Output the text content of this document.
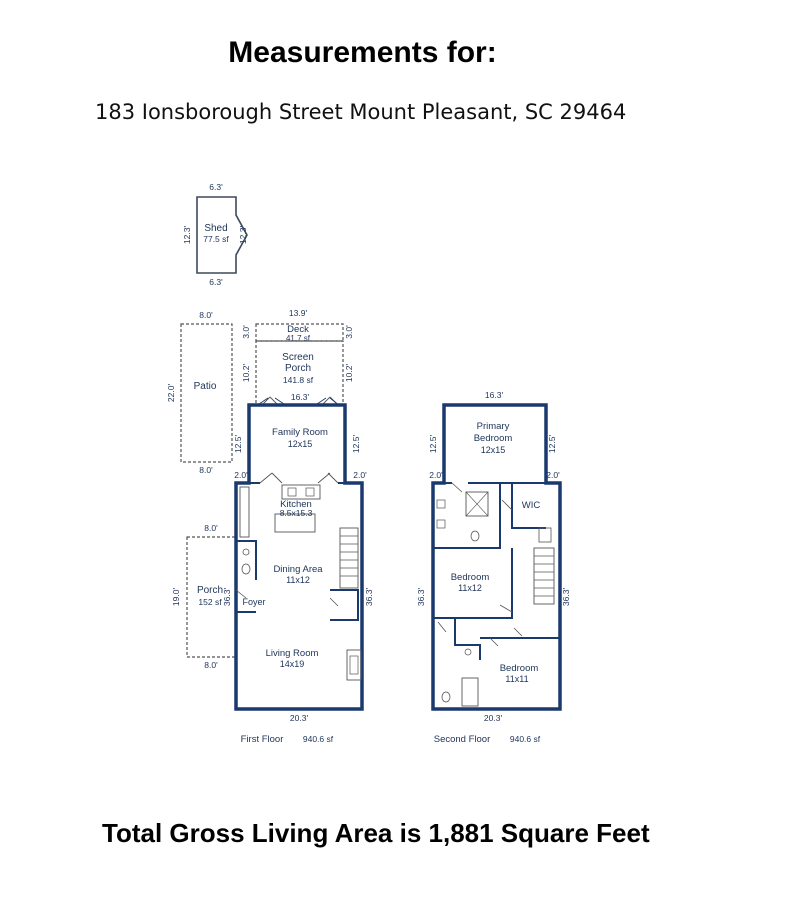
Measurements for:
183 Ionsborough Street Mount Pleasant, SC 29464
Shed
77.5 sf
6.3'
6.3'
12.3'	12.3'
Patio
8.0'
8.0'
22.0'
Deck
41.7 sf
13.9'
3.0'	3.0'
Screen
Porch
141.8 sf
16.3'
10.2'	10.2'
Porch
152 sf
8.0'
8.0'
19.0'	36.3'
Family Room
12x15
Kitchen
8.5x15.3
Dining Area
11x12
Foyer
Living Room
14x19
12.5'	12.5'
2.0'	2.0'
36.3'
20.3'
First Floor 940.6 sf
Primary
Bedroom
12x15
WIC
Bedroom
11x12
Bedroom
11x11
16.3'
12.5'	12.5'
2.0'	2.0'
36.3'	36.3'
20.3'
Second Floor 940.6 sf
Total Gross Living Area is 1,881 Square Feet
